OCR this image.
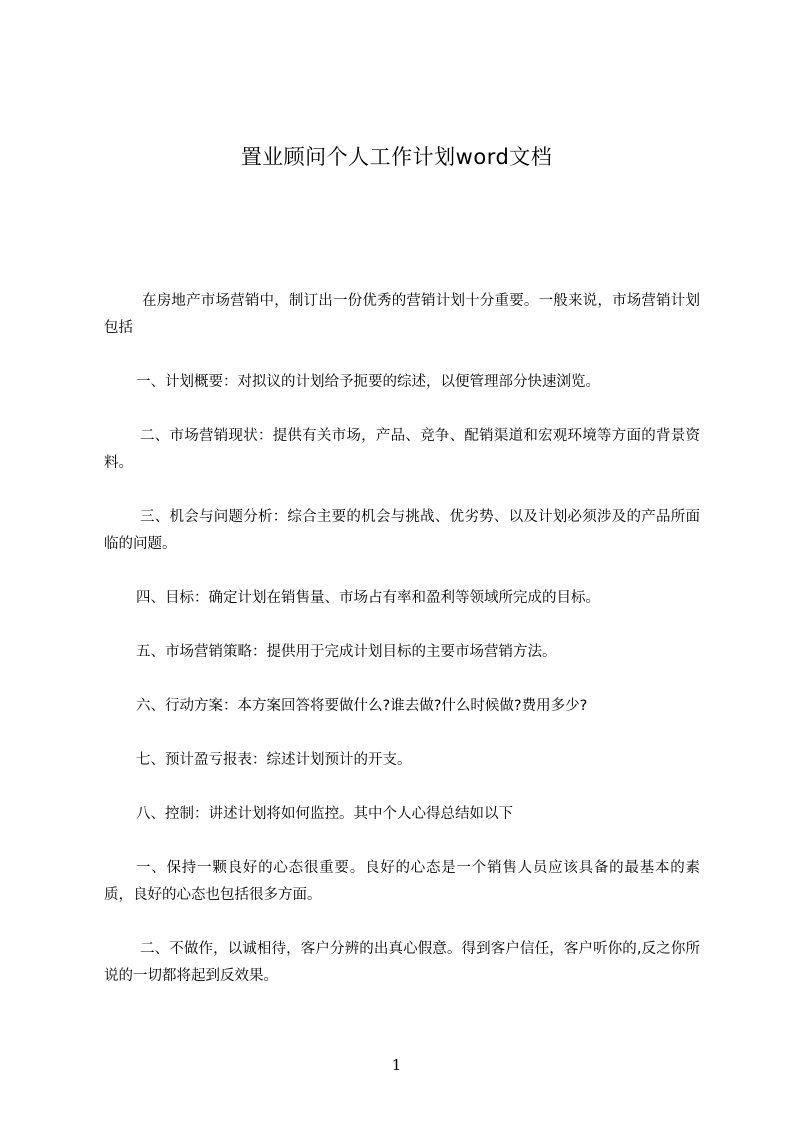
置业顾问个人工作计划word文档

在房地产市场营销中，制订出一份优秀的营销计划十分重要。一般来说，市场营销计划包括

一、计划概要：对拟议的计划给予扼要的综述，以便管理部分快速浏览。

二、市场营销现状：提供有关市场，产品、竞争、配销渠道和宏观环境等方面的背景资料。

三、机会与问题分析：综合主要的机会与挑战、优劣势、以及计划必须涉及的产品所面临的问题。

四、目标：确定计划在销售量、市场占有率和盈利等领域所完成的目标。

五、市场营销策略：提供用于完成计划目标的主要市场营销方法。

六、行动方案：本方案回答将要做什么?谁去做?什么时候做?费用多少?

七、预计盈亏报表：综述计划预计的开支。

八、控制：讲述计划将如何监控。其中个人心得总结如以下

一、保持一颗良好的心态很重要。良好的心态是一个销售人员应该具备的最基本的素质，良好的心态也包括很多方面。

二、不做作，以诚相待，客户分辨的出真心假意。得到客户信任，客户听你的,反之你所说的一切都将起到反效果。

1
